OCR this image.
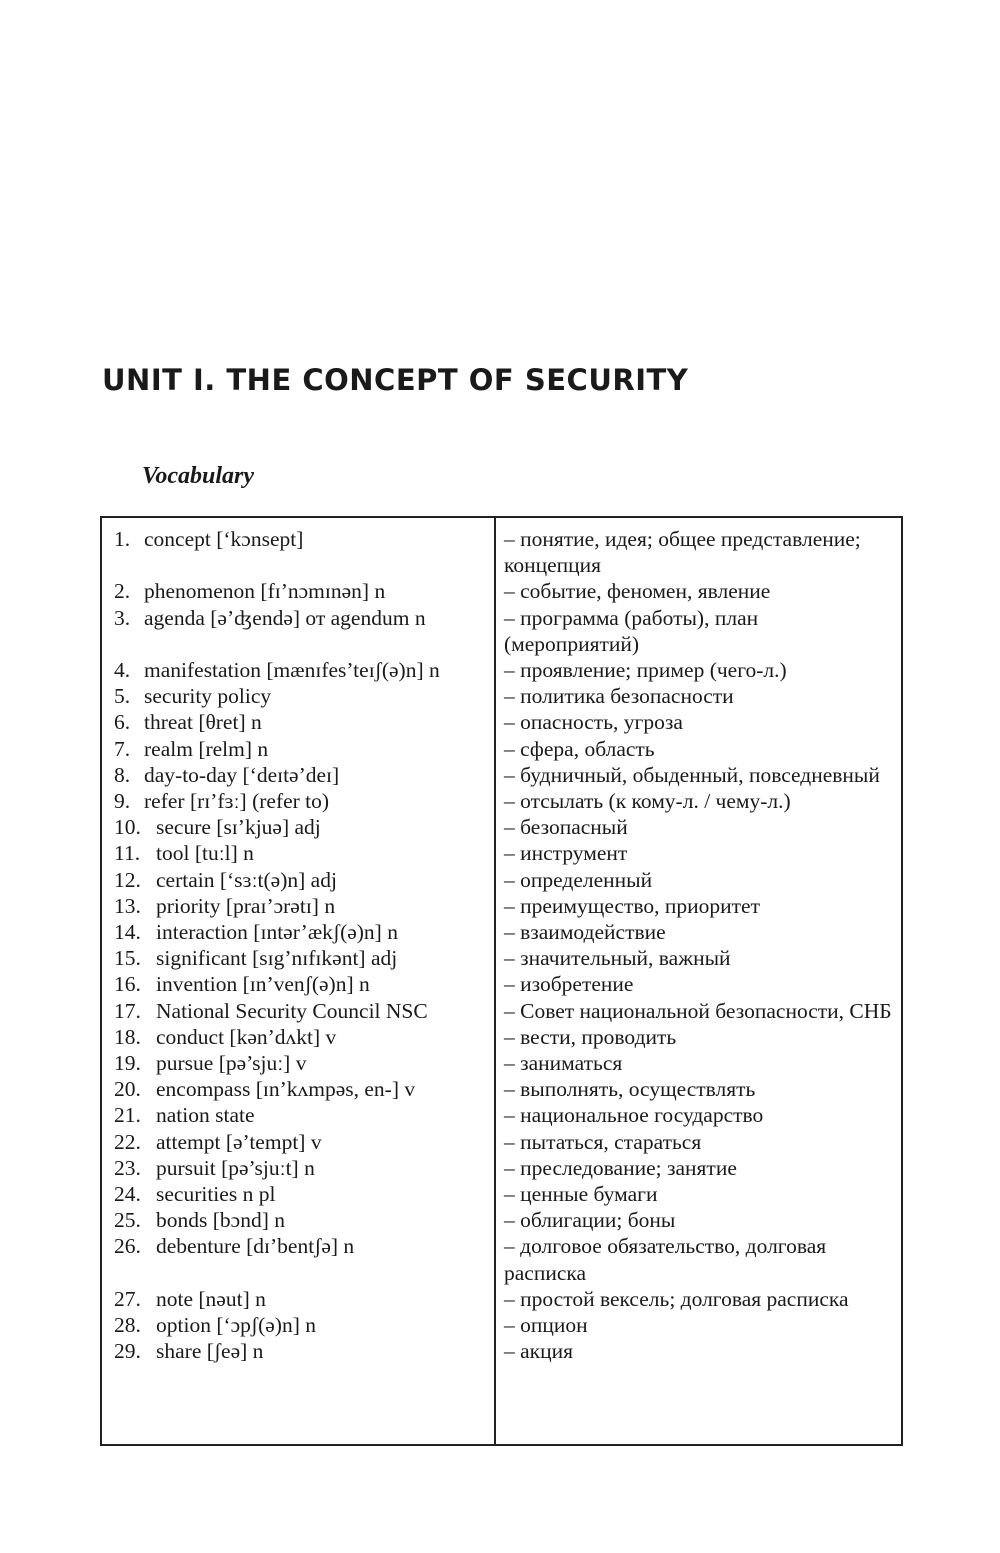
UNIT I. THE CONCEPT OF SECURITY
Vocabulary
1. concept [‘kɔnsept]	– понятие, идея; общее представление; концепция
2. phenomenon [fɪ’nɔmɪnən] n	– событие, феномен, явление
3. agenda [ə’ʤendə] от agendum n	– программа (работы), план (мероприятий)
4. manifestation [mænɪfes’teɪʃ(ə)n] n	– проявление; пример (чего-л.)
5. security policy	– политика безопасности
6. threat [θret] n	– опасность, угроза
7. realm [relm] n	– сфера, область
8. day-to-day [‘deɪtə’deɪ]	– будничный, обыденный, повседневный
9. refer [rɪ’fɜː] (refer to)	– отсылать (к кому-л. / чему-л.)
10. secure [sɪ’kjuə] adj	– безопасный
11. tool [tuːl] n	– инструмент
12. certain [‘sɜːt(ə)n] adj	– определенный
13. priority [praɪ’ɔrətɪ] n	– преимущество, приоритет
14. interaction [ɪntər’ækʃ(ə)n] n	– взаимодействие
15. significant [sɪg’nɪfɪkənt] adj	– значительный, важный
16. invention [ɪn’venʃ(ə)n] n	– изобретение
17. National Security Council NSC	– Совет национальной безопасности, СНБ
18. conduct [kən’dʌkt] v	– вести, проводить
19. pursue [pə’sjuː] v	– заниматься
20. encompass [ɪn’kʌmpəs, en-] v	– выполнять, осуществлять
21. nation state	– национальное государство
22. attempt [ə’tempt] v	– пытаться, стараться
23. pursuit [pə’sjuːt] n	– преследование; занятие
24. securities n pl	– ценные бумаги
25. bonds [bɔnd] n	– облигации; боны
26. debenture [dɪ’bentʃə] n	– долговое обязательство, долговая расписка
27. note [nəut] n	– простой вексель; долговая расписка
28. option [‘ɔpʃ(ə)n] n	– опцион
29. share [ʃeə] n	– акция
